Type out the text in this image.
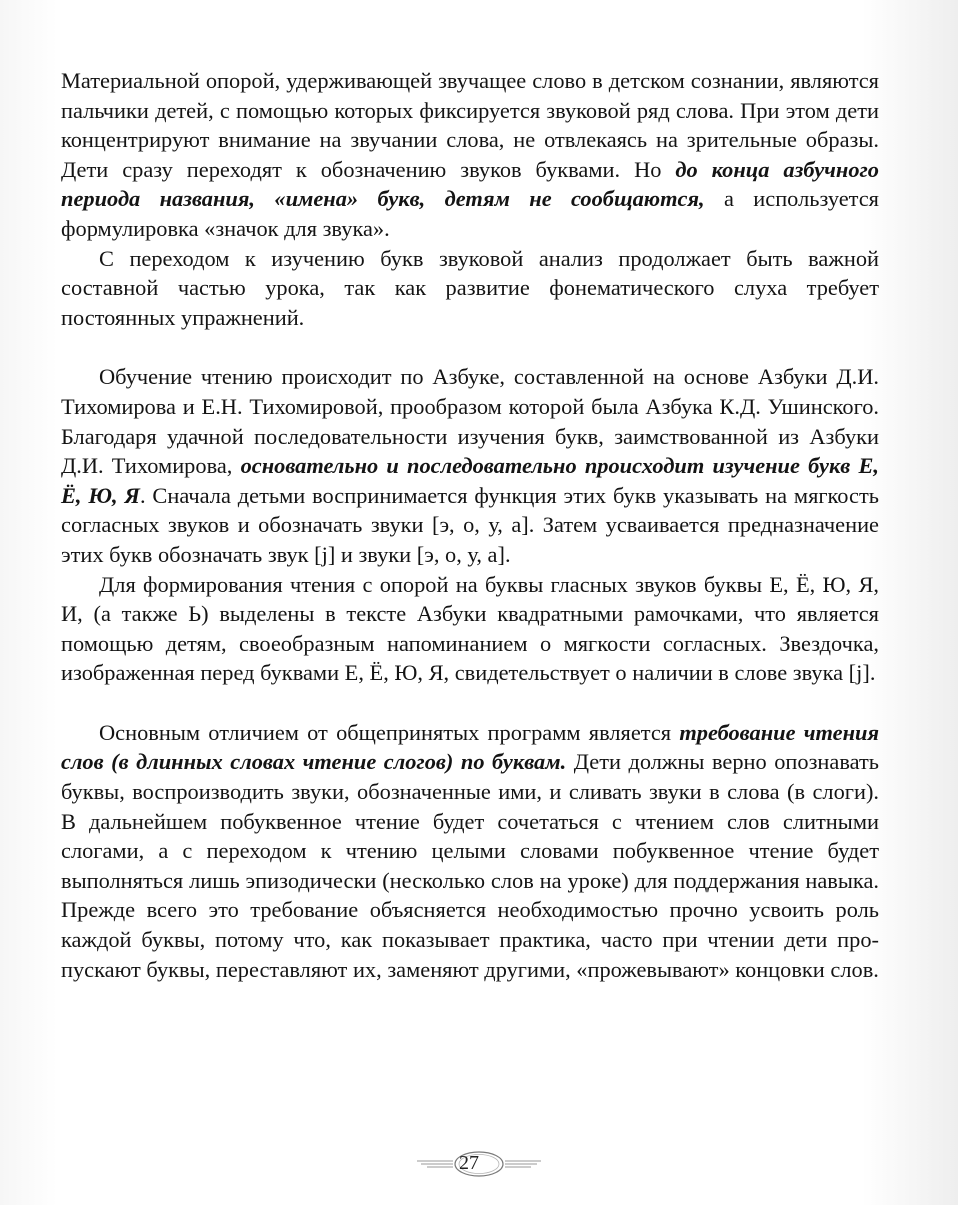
Материальной опорой, удерживающей звучащее слово в детском сознании, являются пальчики детей, с помощью которых фиксируется звуковой ряд слова. При этом дети концентрируют внимание на звучании слова, не отвлекаясь на зрительные образы. Дети сразу переходят к обозначению звуков буквами. Но до конца азбучного периода названия, «имена» букв, детям не сообщаются, а используется формулировка «значок для звука».

С переходом к изучению букв звуковой анализ продолжает быть важной составной частью урока, так как развитие фонематического слуха требует постоянных упражнений.

Обучение чтению происходит по Азбуке, составленной на основе Азбуки Д.И. Тихомирова и Е.Н. Тихомировой, прообразом которой была Азбука К.Д. Ушинского. Благодаря удачной последовательности изучения букв, заимствованной из Азбуки Д.И. Тихомирова, основательно и последовательно происходит изучение букв Е, Ё, Ю, Я. Сначала детьми воспринимается функция этих букв указывать на мягкость согласных звуков и обозначать звуки [э, о, у, а]. Затем усваивается предназначение этих букв обозначать звук [j] и звуки [э, о, у, а].

Для формирования чтения с опорой на буквы гласных звуков буквы Е, Ё, Ю, Я, И, (а также Ь) выделены в тексте Азбуки квадратными рамочками, что является помощью детям, своеобразным напоминанием о мягкости согласных. Звездочка, изображенная перед буквами Е, Ё, Ю, Я, свидетельствует о наличии в слове звука [j].

Основным отличием от общепринятых программ является требование чтения слов (в длинных словах чтение слогов) по буквам. Дети должны верно опознавать буквы, воспроизводить звуки, обозначенные ими, и сливать звуки в слова (в слоги). В дальнейшем побуквенное чтение будет сочетаться с чтением слов слитными слогами, а с переходом к чтению целыми словами побуквенное чтение будет выполняться лишь эпизодически (несколько слов на уроке) для поддержания навыка. Прежде всего это требование объясняется необходимостью прочно усвоить роль каждой буквы, потому что, как показывает практика, часто при чтении дети пропускают буквы, переставляют их, заменяют другими, «прожевывают» концовки слов.

27
